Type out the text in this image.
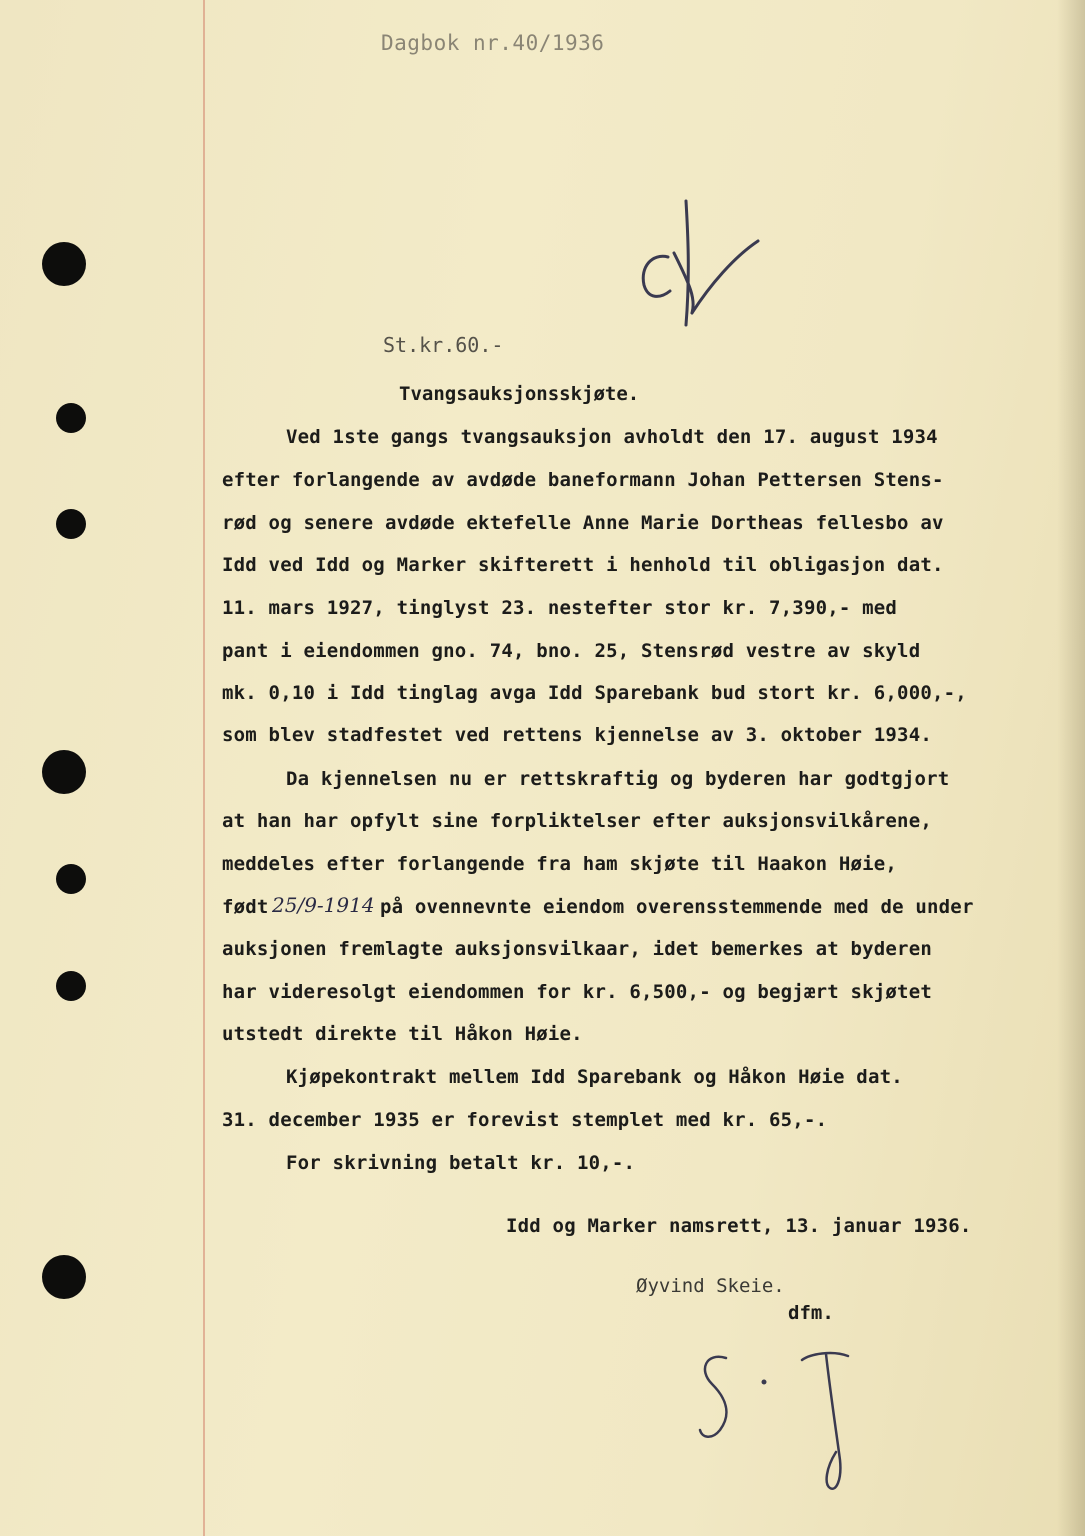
Dagbok nr.40/1936
St.kr.60.-
Tvangsauksjonsskjøte.
Ved 1ste gangs tvangsauksjon avholdt den 17. august 1934
efter forlangende av avdøde baneformann Johan Pettersen Stens-
rød og senere avdøde ektefelle Anne Marie Dortheas fellesbo av
Idd ved Idd og Marker skifterett i henhold til obligasjon dat.
11. mars 1927, tinglyst 23. nestefter stor kr. 7,390,- med
pant i eiendommen gno. 74, bno. 25, Stensrød vestre av skyld
mk. 0,10 i Idd tinglag avga Idd Sparebank bud stort kr. 6,000,-,
som blev stadfestet ved rettens kjennelse av 3. oktober 1934.
Da kjennelsen nu er rettskraftig og byderen har godtgjort
at han har opfylt sine forpliktelser efter auksjonsvilkårene,
meddeles efter forlangende fra ham skjøte til Haakon Høie,
født 25/9-1914 på ovennevnte eiendom overensstemmende med de under
auksjonen fremlagte auksjonsvilkaar, idet bemerkes at byderen
har videresolgt eiendommen for kr. 6,500,- og begjært skjøtet
utstedt direkte til Håkon Høie.
Kjøpekontrakt mellem Idd Sparebank og Håkon Høie dat.
31. december 1935 er forevist stemplet med kr. 65,-.
For skrivning betalt kr. 10,-.
Idd og Marker namsrett, 13. januar 1936.
Øyvind Skeie.
dfm.
